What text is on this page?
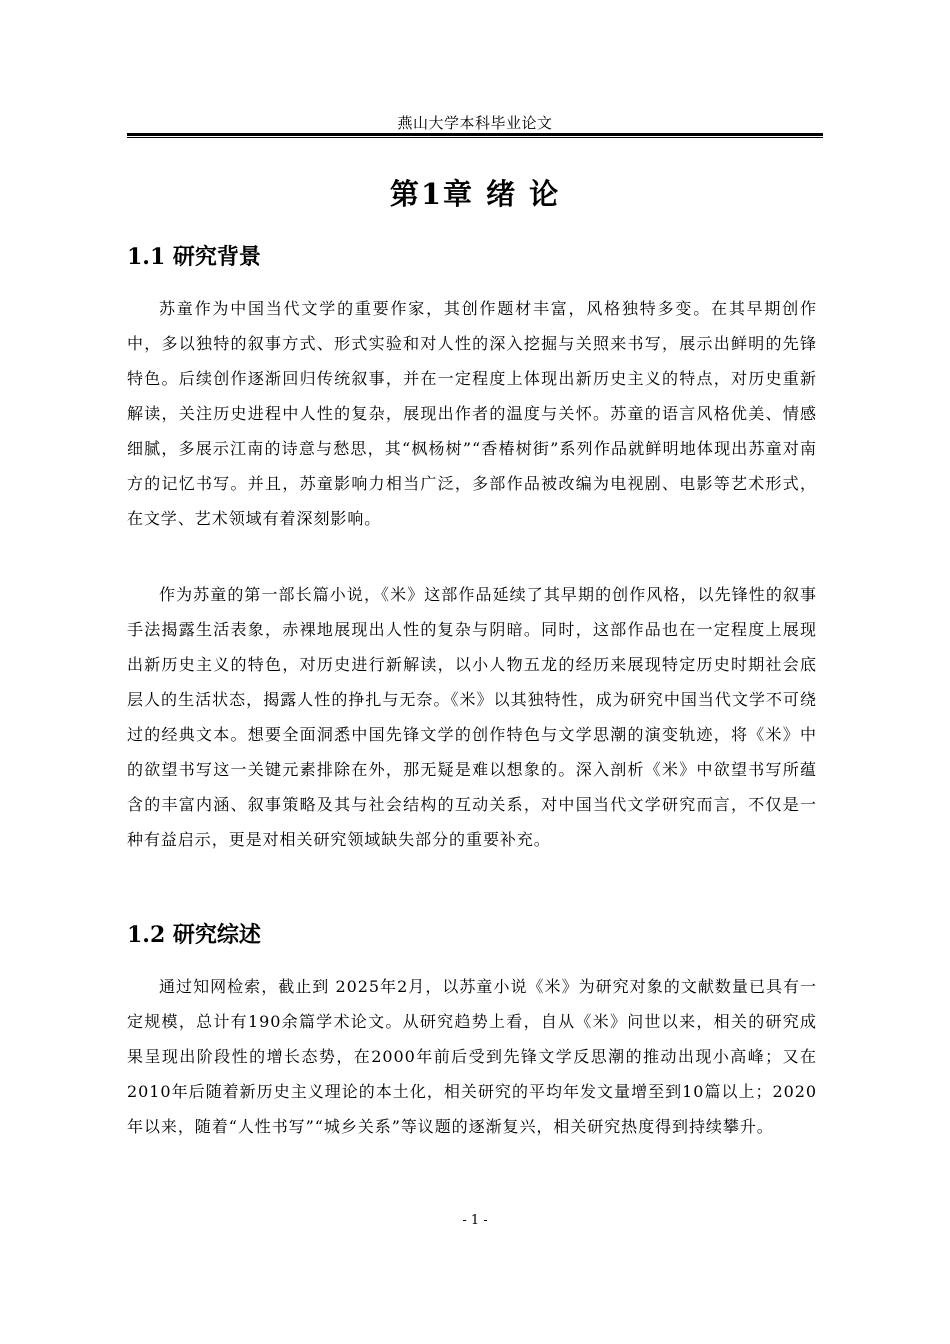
燕山大学本科毕业论文
第1章 绪 论
1.1 研究背景

苏童作为中国当代文学的重要作家，其创作题材丰富，风格独特多变。在其早期创作中，多以独特的叙事方式、形式实验和对人性的深入挖掘与关照来书写，展示出鲜明的先锋特色。后续创作逐渐回归传统叙事，并在一定程度上体现出新历史主义的特点，对历史重新解读，关注历史进程中人性的复杂，展现出作者的温度与关怀。苏童的语言风格优美、情感细腻，多展示江南的诗意与愁思，其“枫杨树”“香椿树街”系列作品就鲜明地体现出苏童对南方的记忆书写。并且，苏童影响力相当广泛，多部作品被改编为电视剧、电影等艺术形式，在文学、艺术领域有着深刻影响。

作为苏童的第一部长篇小说，《米》这部作品延续了其早期的创作风格，以先锋性的叙事手法揭露生活表象，赤裸地展现出人性的复杂与阴暗。同时，这部作品也在一定程度上展现出新历史主义的特色，对历史进行新解读，以小人物五龙的经历来展现特定历史时期社会底层人的生活状态，揭露人性的挣扎与无奈。《米》以其独特性，成为研究中国当代文学不可绕过的经典文本。想要全面洞悉中国先锋文学的创作特色与文学思潮的演变轨迹，将《米》中的欲望书写这一关键元素排除在外，那无疑是难以想象的。深入剖析《米》中欲望书写所蕴含的丰富内涵、叙事策略及其与社会结构的互动关系，对中国当代文学研究而言，不仅是一种有益启示，更是对相关研究领域缺失部分的重要补充。

1.2 研究综述

通过知网检索，截止到 2025年2月，以苏童小说《米》为研究对象的文献数量已具有一定规模，总计有190余篇学术论文。从研究趋势上看，自从《米》问世以来，相关的研究成果呈现出阶段性的增长态势，在2000年前后受到先锋文学反思潮的推动出现小高峰；又在2010年后随着新历史主义理论的本土化，相关研究的平均年发文量增至到10篇以上；2020年以来，随着“人性书写”“城乡关系”等议题的逐渐复兴，相关研究热度得到持续攀升。

- 1 -
